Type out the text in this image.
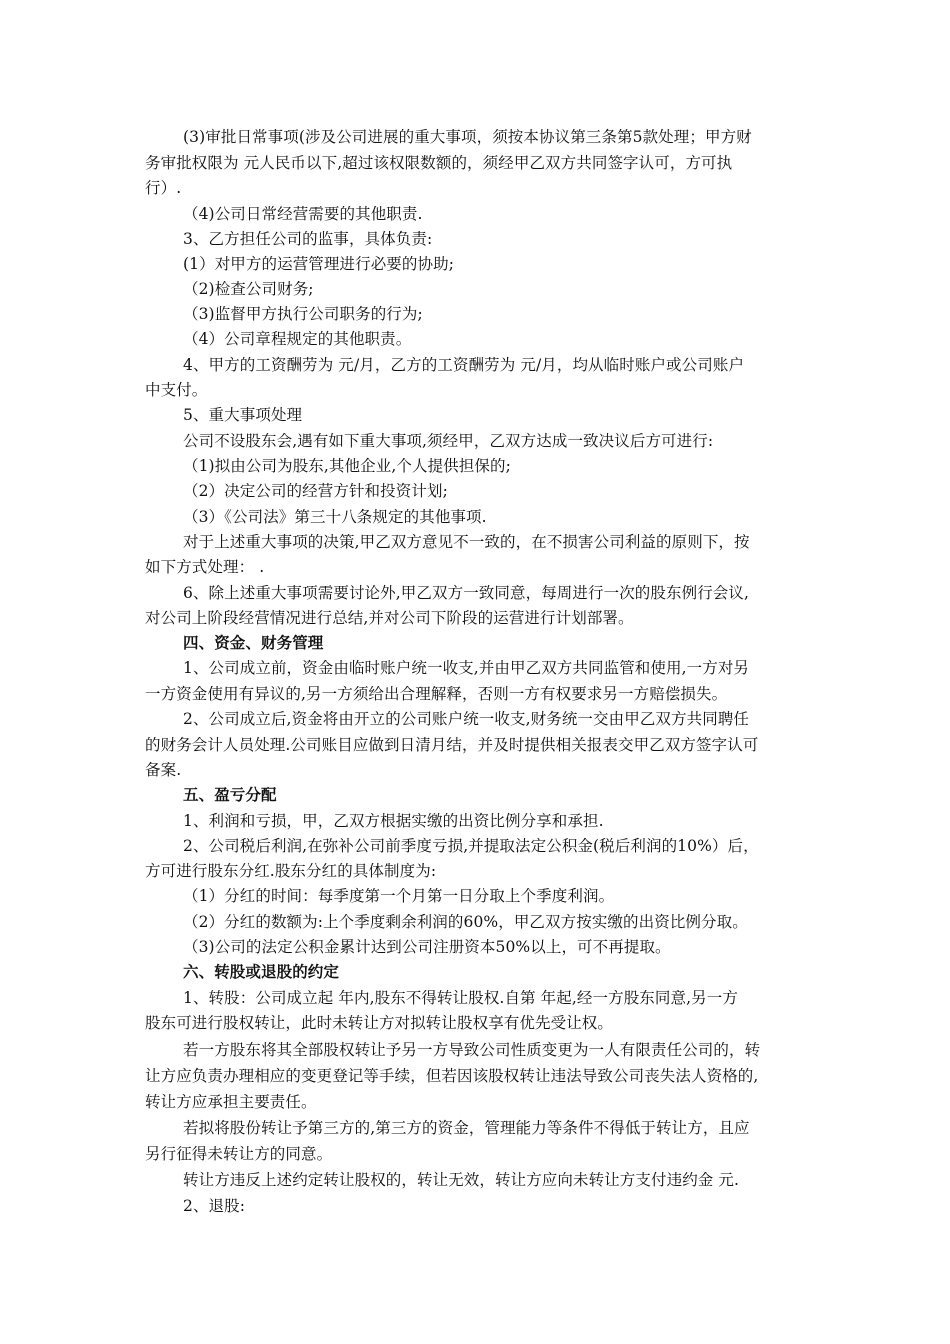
(3)审批日常事项(涉及公司进展的重大事项，须按本协议第三条第5款处理；甲方财
务审批权限为 元人民币以下,超过该权限数额的，须经甲乙双方共同签字认可，方可执
行）.
（4)公司日常经营需要的其他职责.
3、乙方担任公司的监事，具体负责:
(1）对甲方的运营管理进行必要的协助;
（2)检查公司财务;
（3)监督甲方执行公司职务的行为;
（4）公司章程规定的其他职责。
4、甲方的工资酬劳为 元/月，乙方的工资酬劳为 元/月，均从临时账户或公司账户
中支付。
5、重大事项处理
公司不设股东会,遇有如下重大事项,须经甲，乙双方达成一致决议后方可进行:
（1)拟由公司为股东,其他企业,个人提供担保的;
（2）决定公司的经营方针和投资计划;
（3）《公司法》第三十八条规定的其他事项.
对于上述重大事项的决策,甲乙双方意见不一致的，在不损害公司利益的原则下，按
如下方式处理： .
6、除上述重大事项需要讨论外,甲乙双方一致同意，每周进行一次的股东例行会议,
对公司上阶段经营情况进行总结,并对公司下阶段的运营进行计划部署。
四、资金、财务管理
1、公司成立前，资金由临时账户统一收支,并由甲乙双方共同监管和使用,一方对另
一方资金使用有异议的,另一方须给出合理解释，否则一方有权要求另一方赔偿损失。
2、公司成立后,资金将由开立的公司账户统一收支,财务统一交由甲乙双方共同聘任
的财务会计人员处理.公司账目应做到日清月结，并及时提供相关报表交甲乙双方签字认可
备案.
五、盈亏分配
1、利润和亏损，甲，乙双方根据实缴的出资比例分享和承担.
2、公司税后利润,在弥补公司前季度亏损,并提取法定公积金(税后利润的10%）后，
方可进行股东分红.股东分红的具体制度为:
（1）分红的时间：每季度第一个月第一日分取上个季度利润。
（2）分红的数额为:上个季度剩余利润的60%，甲乙双方按实缴的出资比例分取。
（3)公司的法定公积金累计达到公司注册资本50%以上，可不再提取。
六、转股或退股的约定
1、转股：公司成立起 年内,股东不得转让股权.自第 年起,经一方股东同意,另一方
股东可进行股权转让，此时未转让方对拟转让股权享有优先受让权。
若一方股东将其全部股权转让予另一方导致公司性质变更为一人有限责任公司的，转
让方应负责办理相应的变更登记等手续，但若因该股权转让违法导致公司丧失法人资格的,
转让方应承担主要责任。
若拟将股份转让予第三方的,第三方的资金，管理能力等条件不得低于转让方，且应
另行征得未转让方的同意。
转让方违反上述约定转让股权的，转让无效，转让方应向未转让方支付违约金 元.
2、退股:
